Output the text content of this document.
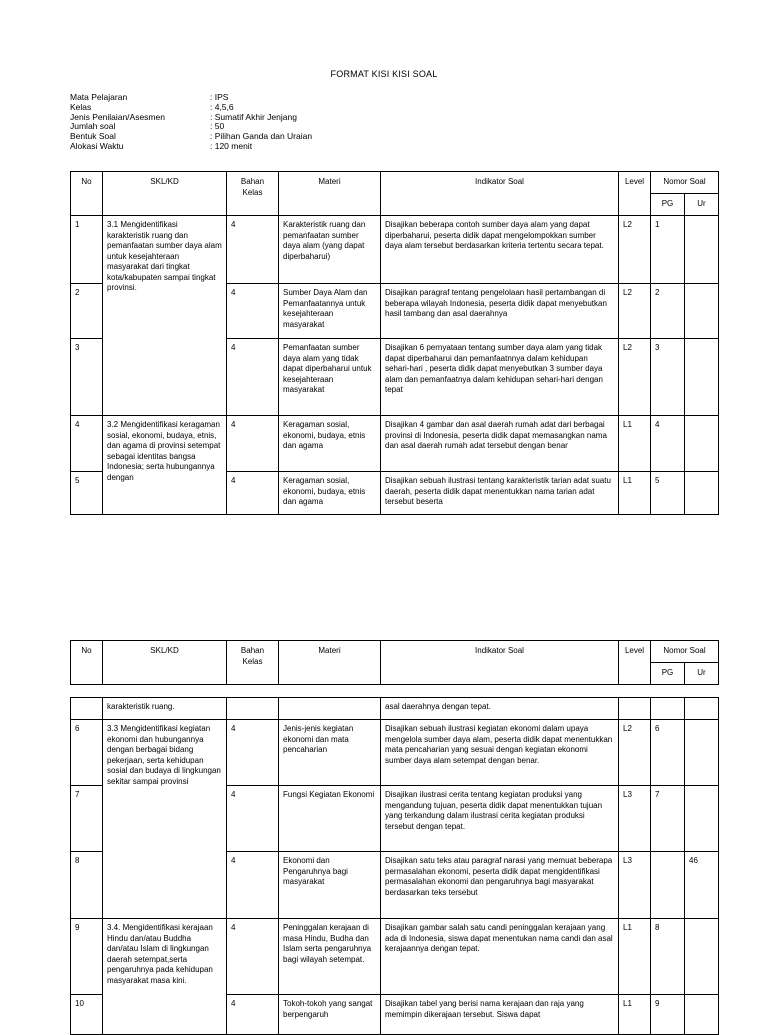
FORMAT KISI KISI SOAL
Mata Pelajaran	: IPS
Kelas	: 4,5,6
Jenis Penilaian/Asesmen	: Sumatif Akhir Jenjang
Jumlah soal	: 50
Bentuk Soal	: Pilihan Ganda dan Uraian
Alokasi Waktu	: 120 menit
No	SKL/KD	Bahan Kelas	Materi	Indikator Soal	Level	Nomor Soal	
						PG	Ur
1	3.1 Mengidentifikasi karakteristik ruang dan pemanfaatan sumber daya alam untuk kesejahteraan masyarakat dari tingkat kota/kabupaten sampai tingkat provinsi.	4	Karakteristik ruang dan pemanfaatan sumber daya alam (yang dapat diperbaharui)	Disajikan beberapa contoh sumber daya alam yang dapat diperbaharui, peserta didik dapat mengelompokkan sumber daya alam tersebut berdasarkan kriteria tertentu secara tepat.	L2	1	
2		4	Sumber Daya Alam dan Pemanfaatannya untuk kesejahteraan masyarakat	Disajikan paragraf tentang pengelolaan hasil pertambangan di beberapa wilayah Indonesia, peserta didik dapat menyebutkan hasil tambang dan asal daerahnya	L2	2	
3		4	Pemanfaatan sumber daya alam yang tidak dapat diperbaharui untuk kesejahteraan masyarakat	Disajikan 6 pernyataan tentang sumber daya alam yang tidak dapat diperbaharui dan pemanfaatnnya dalam kehidupan sehari-hari , peserta didik dapat menyebutkan 3 sumber daya alam dan pemanfaatnya dalam kehidupan sehari-hari dengan tepat	L2	3	
4	3.2 Mengidentifikasi keragaman sosial, ekonomi, budaya, etnis, dan agama di provinsi setempat sebagai identitas bangsa Indonesia; serta hubungannya dengan	4	Keragaman sosial, ekonomi, budaya, etnis dan agama	Disajikan 4 gambar dan asal daerah rumah adat dari berbagai provinsi di Indonesia, peserta didik dapat memasangkan nama dan asal daerah rumah adat tersebut dengan benar	L1	4	
5		4	Keragaman sosial, ekonomi, budaya, etnis dan agama	Disajikan sebuah ilustrasi tentang karakteristik tarian adat suatu daerah, peserta didik dapat menentukkan nama tarian adat tersebut beserta	L1	5	
No	SKL/KD	Bahan Kelas	Materi	Indikator Soal	Level	Nomor Soal	
						PG	Ur
	karakteristik ruang.			asal daerahnya dengan tepat.			
6	3.3 Mengidentifikasi kegiatan ekonomi dan hubungannya dengan berbagai bidang pekerjaan, serta kehidupan sosial dan budaya di lingkungan sekitar sampai provinsi	4	Jenis-jenis kegiatan ekonomi dan mata pencaharian	Disajikan sebuah ilustrasi kegiatan ekonomi dalam upaya mengelola sumber daya alam, peserta didik dapat menentukkan mata pencaharian yang sesuai dengan kegiatan ekonomi sumber daya alam setempat dengan benar.	L2	6	
7		4	Fungsi Kegiatan Ekonomi	Disajikan ilustrasi cerita tentang kegiatan produksi yang mengandung tujuan, peserta didik dapat menentukkan tujuan yang terkandung dalam ilustrasi cerita kegiatan produksi tersebut dengan tepat.	L3	7	
8		4	Ekonomi dan Pengaruhnya bagi masyarakat	Disajikan satu teks atau paragraf narasi yang memuat beberapa permasalahan ekonomi, peserta didik dapat mengidentifikasi permasalahan ekonomi dan pengaruhnya bagi masyarakat berdasarkan teks tersebut	L3		46
9	3.4. Mengidentifikasi kerajaan Hindu dan/atau Buddha dan/atau Islam di lingkungan daerah setempat,serta pengaruhnya pada kehidupan masyarakat masa kini.	4	Peninggalan kerajaan di masa Hindu, Budha dan Islam serta pengaruhnya bagi wilayah setempat.	Disajikan gambar salah satu candi peninggalan kerajaan yang ada di Indonesia, siswa dapat menentukan nama candi dan asal kerajaannya dengan tepat.	L1	8	
10		4	Tokoh-tokoh yang sangat berpengaruh	Disajikan tabel yang berisi nama kerajaan dan raja yang memimpin dikerajaan tersebut. Siswa dapat	L1	9	
